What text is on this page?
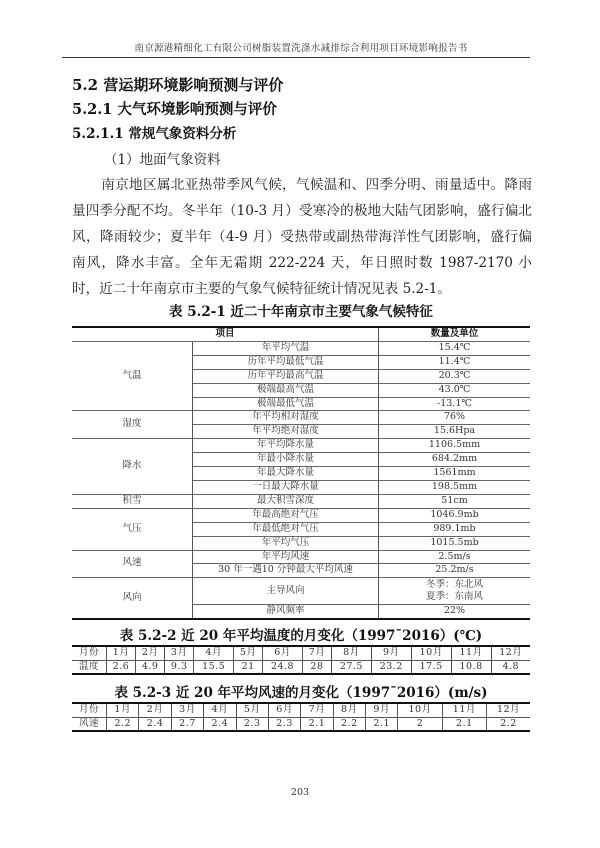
南京源港精细化工有限公司树脂装置洗涤水减排综合利用项目环境影响报告书
5.2 营运期环境影响预测与评价
5.2.1 大气环境影响预测与评价
5.2.1.1 常规气象资料分析
（1）地面气象资料

南京地区属北亚热带季风气候，气候温和、四季分明、雨量适中。降雨量四季分配不均。冬半年（10-3 月）受寒冷的极地大陆气团影响，盛行偏北风，降雨较少；夏半年（4-9 月）受热带或副热带海洋性气团影响，盛行偏南风，降水丰富。全年无霜期 222-224 天，年日照时数 1987-2170 小时，近二十年南京市主要的气象气候特征统计情况见表 5.2-1。

表 5.2-1 近二十年南京市主要气象气候特征
项目		数量及单位
气温	年平均气温	15.4℃
	历年平均最低气温	11.4℃
	历年平均最高气温	20.3℃
	极端最高气温	43.0℃
	极端最低气温	-13.1℃
湿度	年平均相对湿度	76%
	年平均绝对湿度	15.6Hpa
降水	年平均降水量	1106.5mm
	年最小降水量	684.2mm
	年最大降水量	1561mm
	一日最大降水量	198.5mm
积雪	最大积雪深度	51cm
气压	年最高绝对气压	1046.9mb
	年最低绝对气压	989.1mb
	年平均气压	1015.5mb
风速	年平均风速	2.5m/s
	30 年一遇10 分钟最大平均风速	25.2m/s
风向	主导风向	冬季：东北风
夏季：东南风

	静风频率	22%
表 5.2-2 近 20 年平均温度的月变化（1997¯2016）(℃)
月份	1月	2月	3月	4月	5月	6月	7月	8月	9月	10月	11月	12月
温度	2.6	4.9	9.3	15.5	21	24.8	28	27.5	23.2	17.5	10.8	4.8
表 5.2-3 近 20 年平均风速的月变化（1997¯2016）(m/s)
月份	1月	2月	3月	4月	5月	6月	7月	8月	9月	10月	11月	12月
风速	2.2	2.4	2.7	2.4	2.3	2.3	2.1	2.2	2.1	2	2.1	2.2
203
